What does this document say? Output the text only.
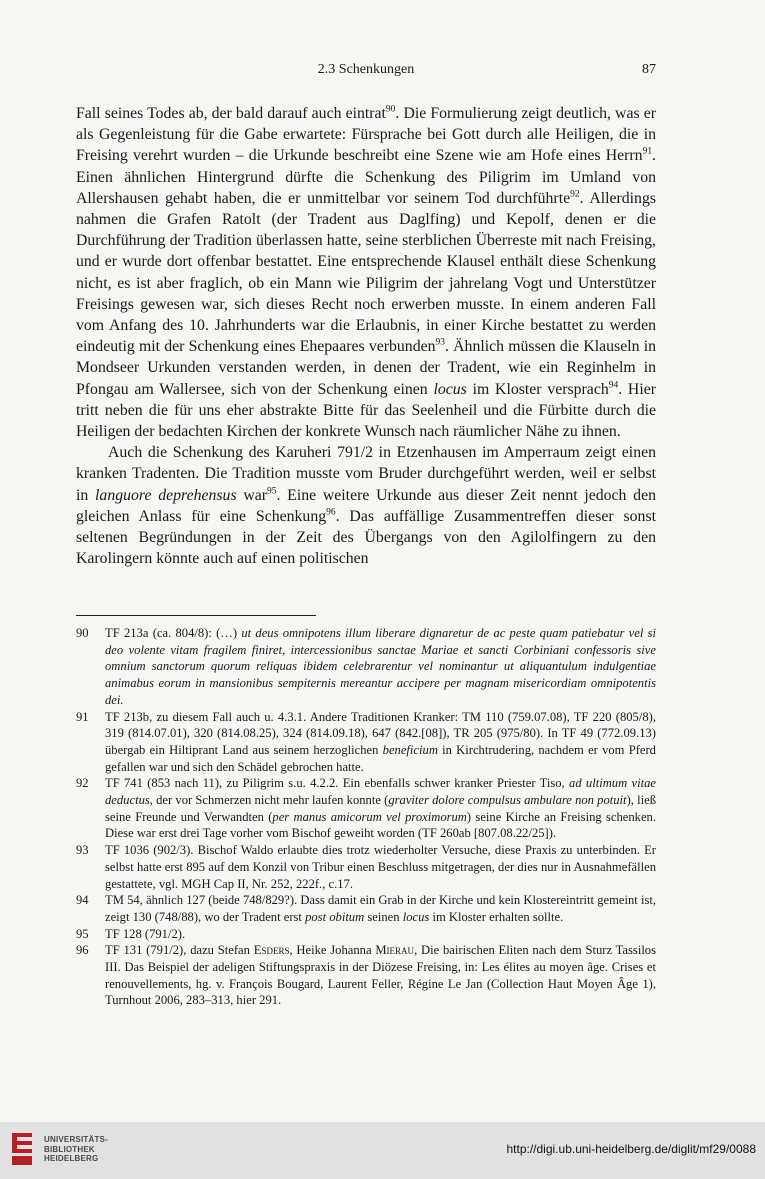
2.3 Schenkungen	87

Fall seines Todes ab, der bald darauf auch eintrat$^{90}$. Die Formulierung zeigt deutlich, was er als Gegenleistung für die Gabe erwartete: Fürsprache bei Gott durch alle Heiligen, die in Freising verehrt wurden – die Urkunde beschreibt eine Szene wie am Hofe eines Herrn$^{91}$. Einen ähnlichen Hintergrund dürfte die Schenkung des Piligrim im Umland von Allershausen gehabt haben, die er unmittelbar vor seinem Tod durchführte$^{92}$. Allerdings nahmen die Grafen Ratolt (der Tradent aus Daglfing) und Kepolf, denen er die Durchführung der Tradition überlassen hatte, seine sterblichen Überreste mit nach Freising, und er wurde dort offenbar bestattet. Eine entsprechende Klausel enthält diese Schenkung nicht, es ist aber fraglich, ob ein Mann wie Piligrim der jahrelang Vogt und Unterstützer Freisings gewesen war, sich dieses Recht noch erwerben musste. In einem anderen Fall vom Anfang des 10. Jahrhunderts war die Erlaubnis, in einer Kirche bestattet zu werden eindeutig mit der Schenkung eines Ehepaares verbunden$^{93}$. Ähnlich müssen die Klauseln in Mondseer Urkunden verstanden werden, in denen der Tradent, wie ein Reginhelm in Pfongau am Wallersee, sich von der Schenkung einen locus im Kloster versprach$^{94}$. Hier tritt neben die für uns eher abstrakte Bitte für das Seelenheil und die Fürbitte durch die Heiligen der bedachten Kirchen der konkrete Wunsch nach räumlicher Nähe zu ihnen.

Auch die Schenkung des Karuheri 791/2 in Etzenhausen im Amperraum zeigt einen kranken Tradenten. Die Tradition musste vom Bruder durchgeführt werden, weil er selbst in languore deprehensus war$^{95}$. Eine weitere Urkunde aus dieser Zeit nennt jedoch den gleichen Anlass für eine Schenkung$^{96}$. Das auffällige Zusammentreffen dieser sonst seltenen Begründungen in der Zeit des Übergangs von den Agilolfingern zu den Karolingern könnte auch auf einen politischen

90	TF 213a (ca. 804/8): (…) ut deus omnipotens illum liberare dignaretur de ac peste quam patiebatur vel si deo volente vitam fragilem finiret, intercessionibus sanctae Mariae et sancti Corbiniani confessoris sive omnium sanctorum quorum reliquas ibidem celebrarentur vel nominantur ut aliquantulum indulgentiae animabus eorum in mansionibus sempiternis mereantur accipere per magnam misericordiam omnipotentis dei.
91	TF 213b, zu diesem Fall auch u. 4.3.1. Andere Traditionen Kranker: TM 110 (759.07.08), TF 220 (805/8), 319 (814.07.01), 320 (814.08.25), 324 (814.09.18), 647 (842.[08]), TR 205 (975/80). In TF 49 (772.09.13) übergab ein Hiltiprant Land aus seinem herzoglichen beneficium in Kirchtrudering, nachdem er vom Pferd gefallen war und sich den Schädel gebrochen hatte.
92	TF 741 (853 nach 11), zu Piligrim s.u. 4.2.2. Ein ebenfalls schwer kranker Priester Tiso, ad ultimum vitae deductus, der vor Schmerzen nicht mehr laufen konnte (graviter dolore compulsus ambulare non potuit), ließ seine Freunde und Verwandten (per manus amicorum vel proximorum) seine Kirche an Freising schenken. Diese war erst drei Tage vorher vom Bischof geweiht worden (TF 260ab [807.08.22/25]).
93	TF 1036 (902/3). Bischof Waldo erlaubte dies trotz wiederholter Versuche, diese Praxis zu unterbinden. Er selbst hatte erst 895 auf dem Konzil von Tribur einen Beschluss mitgetragen, der dies nur in Ausnahmefällen gestattete, vgl. MGH Cap II, Nr. 252, 222f., c.17.
94	TM 54, ähnlich 127 (beide 748/829?). Dass damit ein Grab in der Kirche und kein Klostereintritt gemeint ist, zeigt 130 (748/88), wo der Tradent erst post obitum seinen locus im Kloster erhalten sollte.
95	TF 128 (791/2).
96	TF 131 (791/2), dazu Stefan Esders, Heike Johanna Mierau, Die bairischen Eliten nach dem Sturz Tassilos III. Das Beispiel der adeligen Stiftungspraxis in der Diözese Freising, in: Les élites au moyen âge. Crises et renouvellements, hg. v. François Bougard, Laurent Feller, Régine Le Jan (Collection Haut Moyen Âge 1), Turnhout 2006, 283–313, hier 291.
UNIVERSITÄTS-
BIBLIOTHEK
HEIDELBERG
http://digi.ub.uni-heidelberg.de/diglit/mf29/0088
